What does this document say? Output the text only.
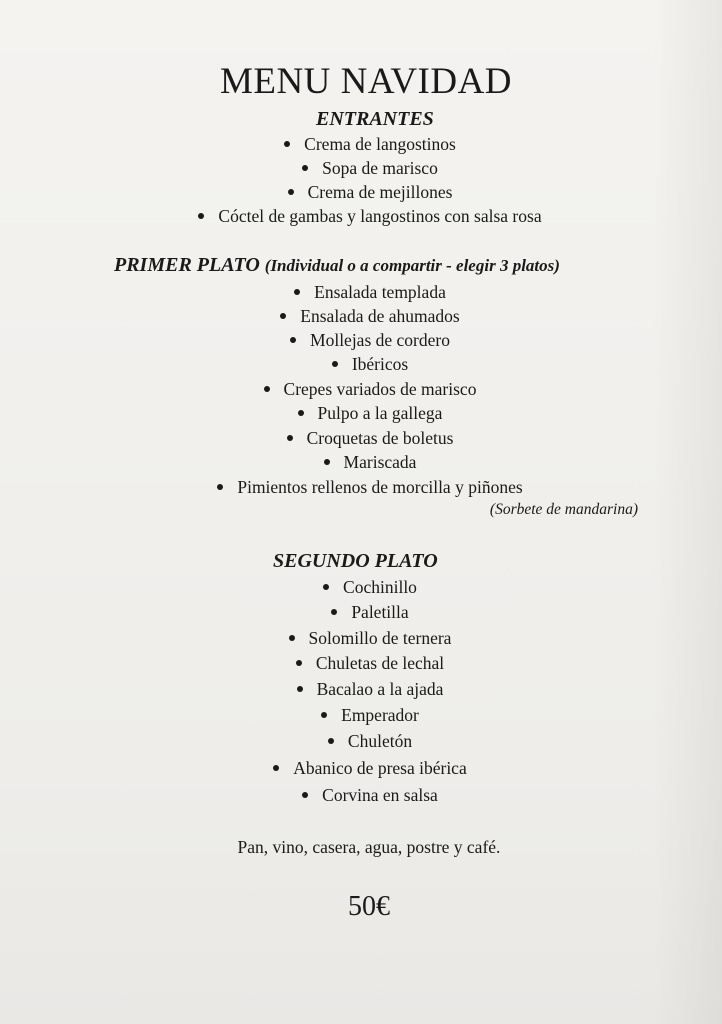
MENU NAVIDAD
ENTRANTES
Crema de langostinos
Sopa de marisco
Crema de mejillones
Cóctel de gambas y langostinos con salsa rosa
PRIMER PLATO (Individual o a compartir - elegir 3 platos)
Ensalada templada
Ensalada de ahumados
Mollejas de cordero
Ibéricos
Crepes variados de marisco
Pulpo a la gallega
Croquetas de boletus
Mariscada
Pimientos rellenos de morcilla y piñones
(Sorbete de mandarina)
SEGUNDO PLATO
Cochinillo
Paletilla
Solomillo de ternera
Chuletas de lechal
Bacalao a la ajada
Emperador
Chuletón
Abanico de presa ibérica
Corvina en salsa
Pan, vino, casera, agua, postre y café.
50€
